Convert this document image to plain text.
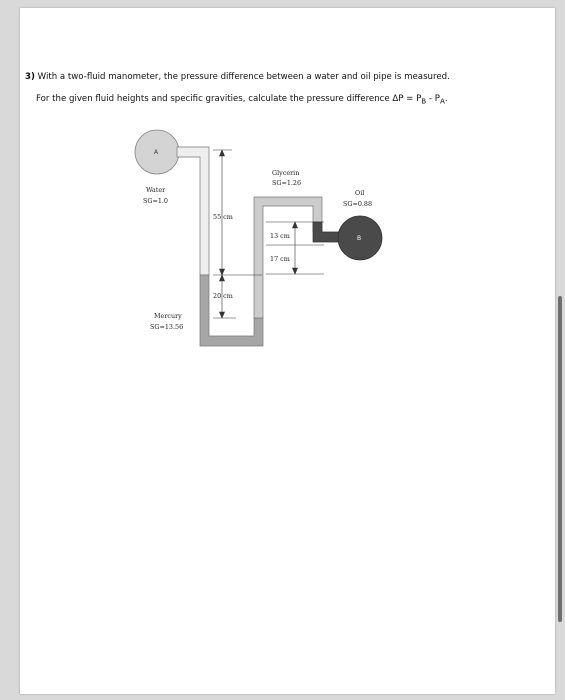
3) With a two-fluid manometer, the pressure difference between a water and oil pipe is measured.
For the given fluid heights and specific gravities, calculate the pressure difference $\Delta P = P_B - P_A$.
A
B
Water
SG=1.0
Mercury
SG=13.56
Glycerin
SG=1.26
Oil
SG=0.88
55 cm
20 cm
13 cm
17 cm
